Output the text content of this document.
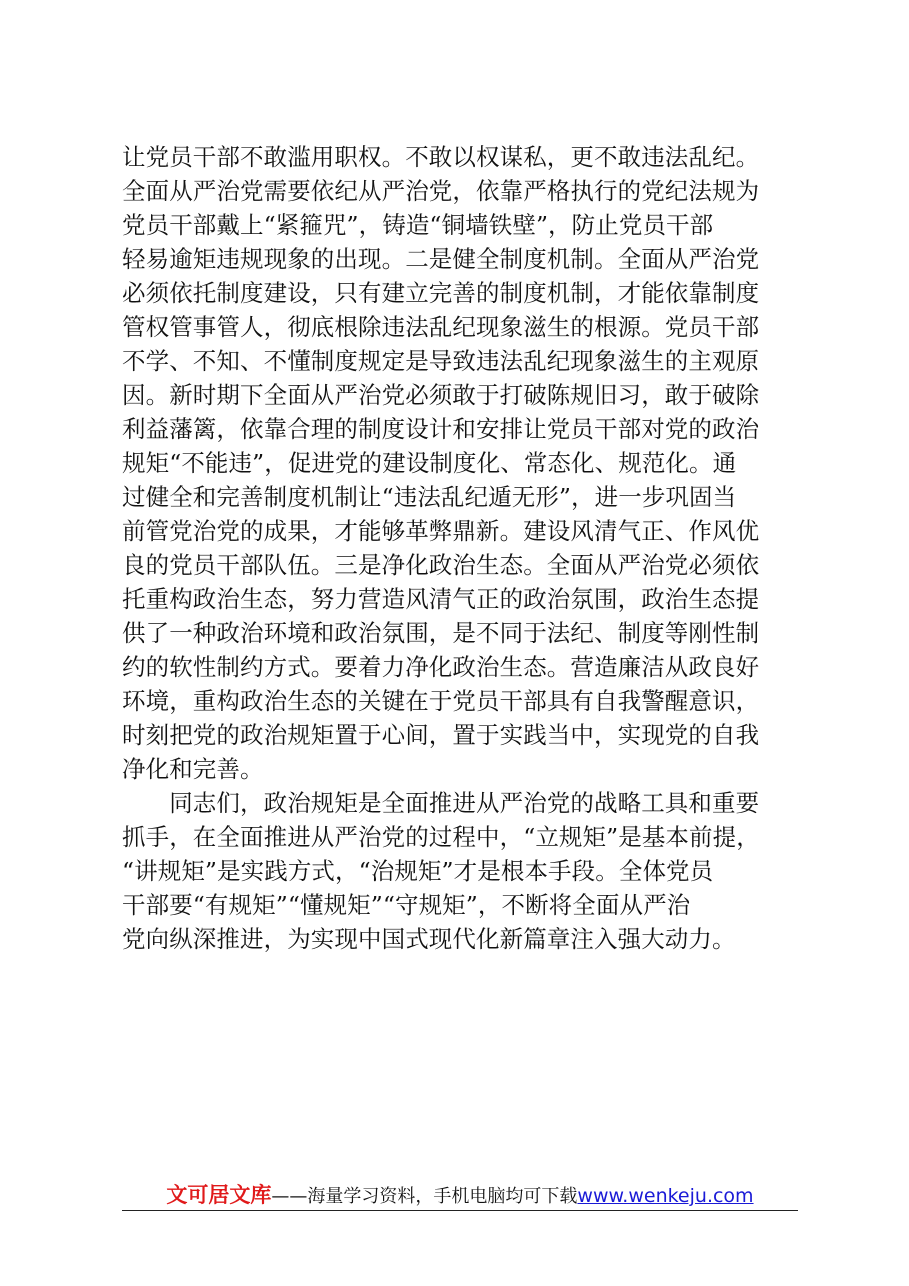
让党员干部不敢滥用职权。不敢以权谋私，更不敢违法乱纪。
全面从严治党需要依纪从严治党，依靠严格执行的党纪法规为
党员干部戴上“紧箍咒”，铸造“铜墙铁壁”，防止党员干部
轻易逾矩违规现象的出现。二是健全制度机制。全面从严治党
必须依托制度建设，只有建立完善的制度机制，才能依靠制度
管权管事管人，彻底根除违法乱纪现象滋生的根源。党员干部
不学、不知、不懂制度规定是导致违法乱纪现象滋生的主观原
因。新时期下全面从严治党必须敢于打破陈规旧习，敢于破除
利益藩篱，依靠合理的制度设计和安排让党员干部对党的政治
规矩“不能违”，促进党的建设制度化、常态化、规范化。通
过健全和完善制度机制让“违法乱纪遁无形”，进一步巩固当
前管党治党的成果，才能够革弊鼎新。建设风清气正、作风优
良的党员干部队伍。三是净化政治生态。全面从严治党必须依
托重构政治生态，努力营造风清气正的政治氛围，政治生态提
供了一种政治环境和政治氛围，是不同于法纪、制度等刚性制
约的软性制约方式。要着力净化政治生态。营造廉洁从政良好
环境，重构政治生态的关键在于党员干部具有自我警醒意识，
时刻把党的政治规矩置于心间，置于实践当中，实现党的自我
净化和完善。
　　同志们，政治规矩是全面推进从严治党的战略工具和重要
抓手，在全面推进从严治党的过程中，“立规矩”是基本前提，
“讲规矩”是实践方式，“治规矩”才是根本手段。全体党员
干部要“有规矩”“懂规矩”“守规矩”，不断将全面从严治
党向纵深推进，为实现中国式现代化新篇章注入强大动力。
文可居文库——海量学习资料，手机电脑均可下载www.wenkeju.com
